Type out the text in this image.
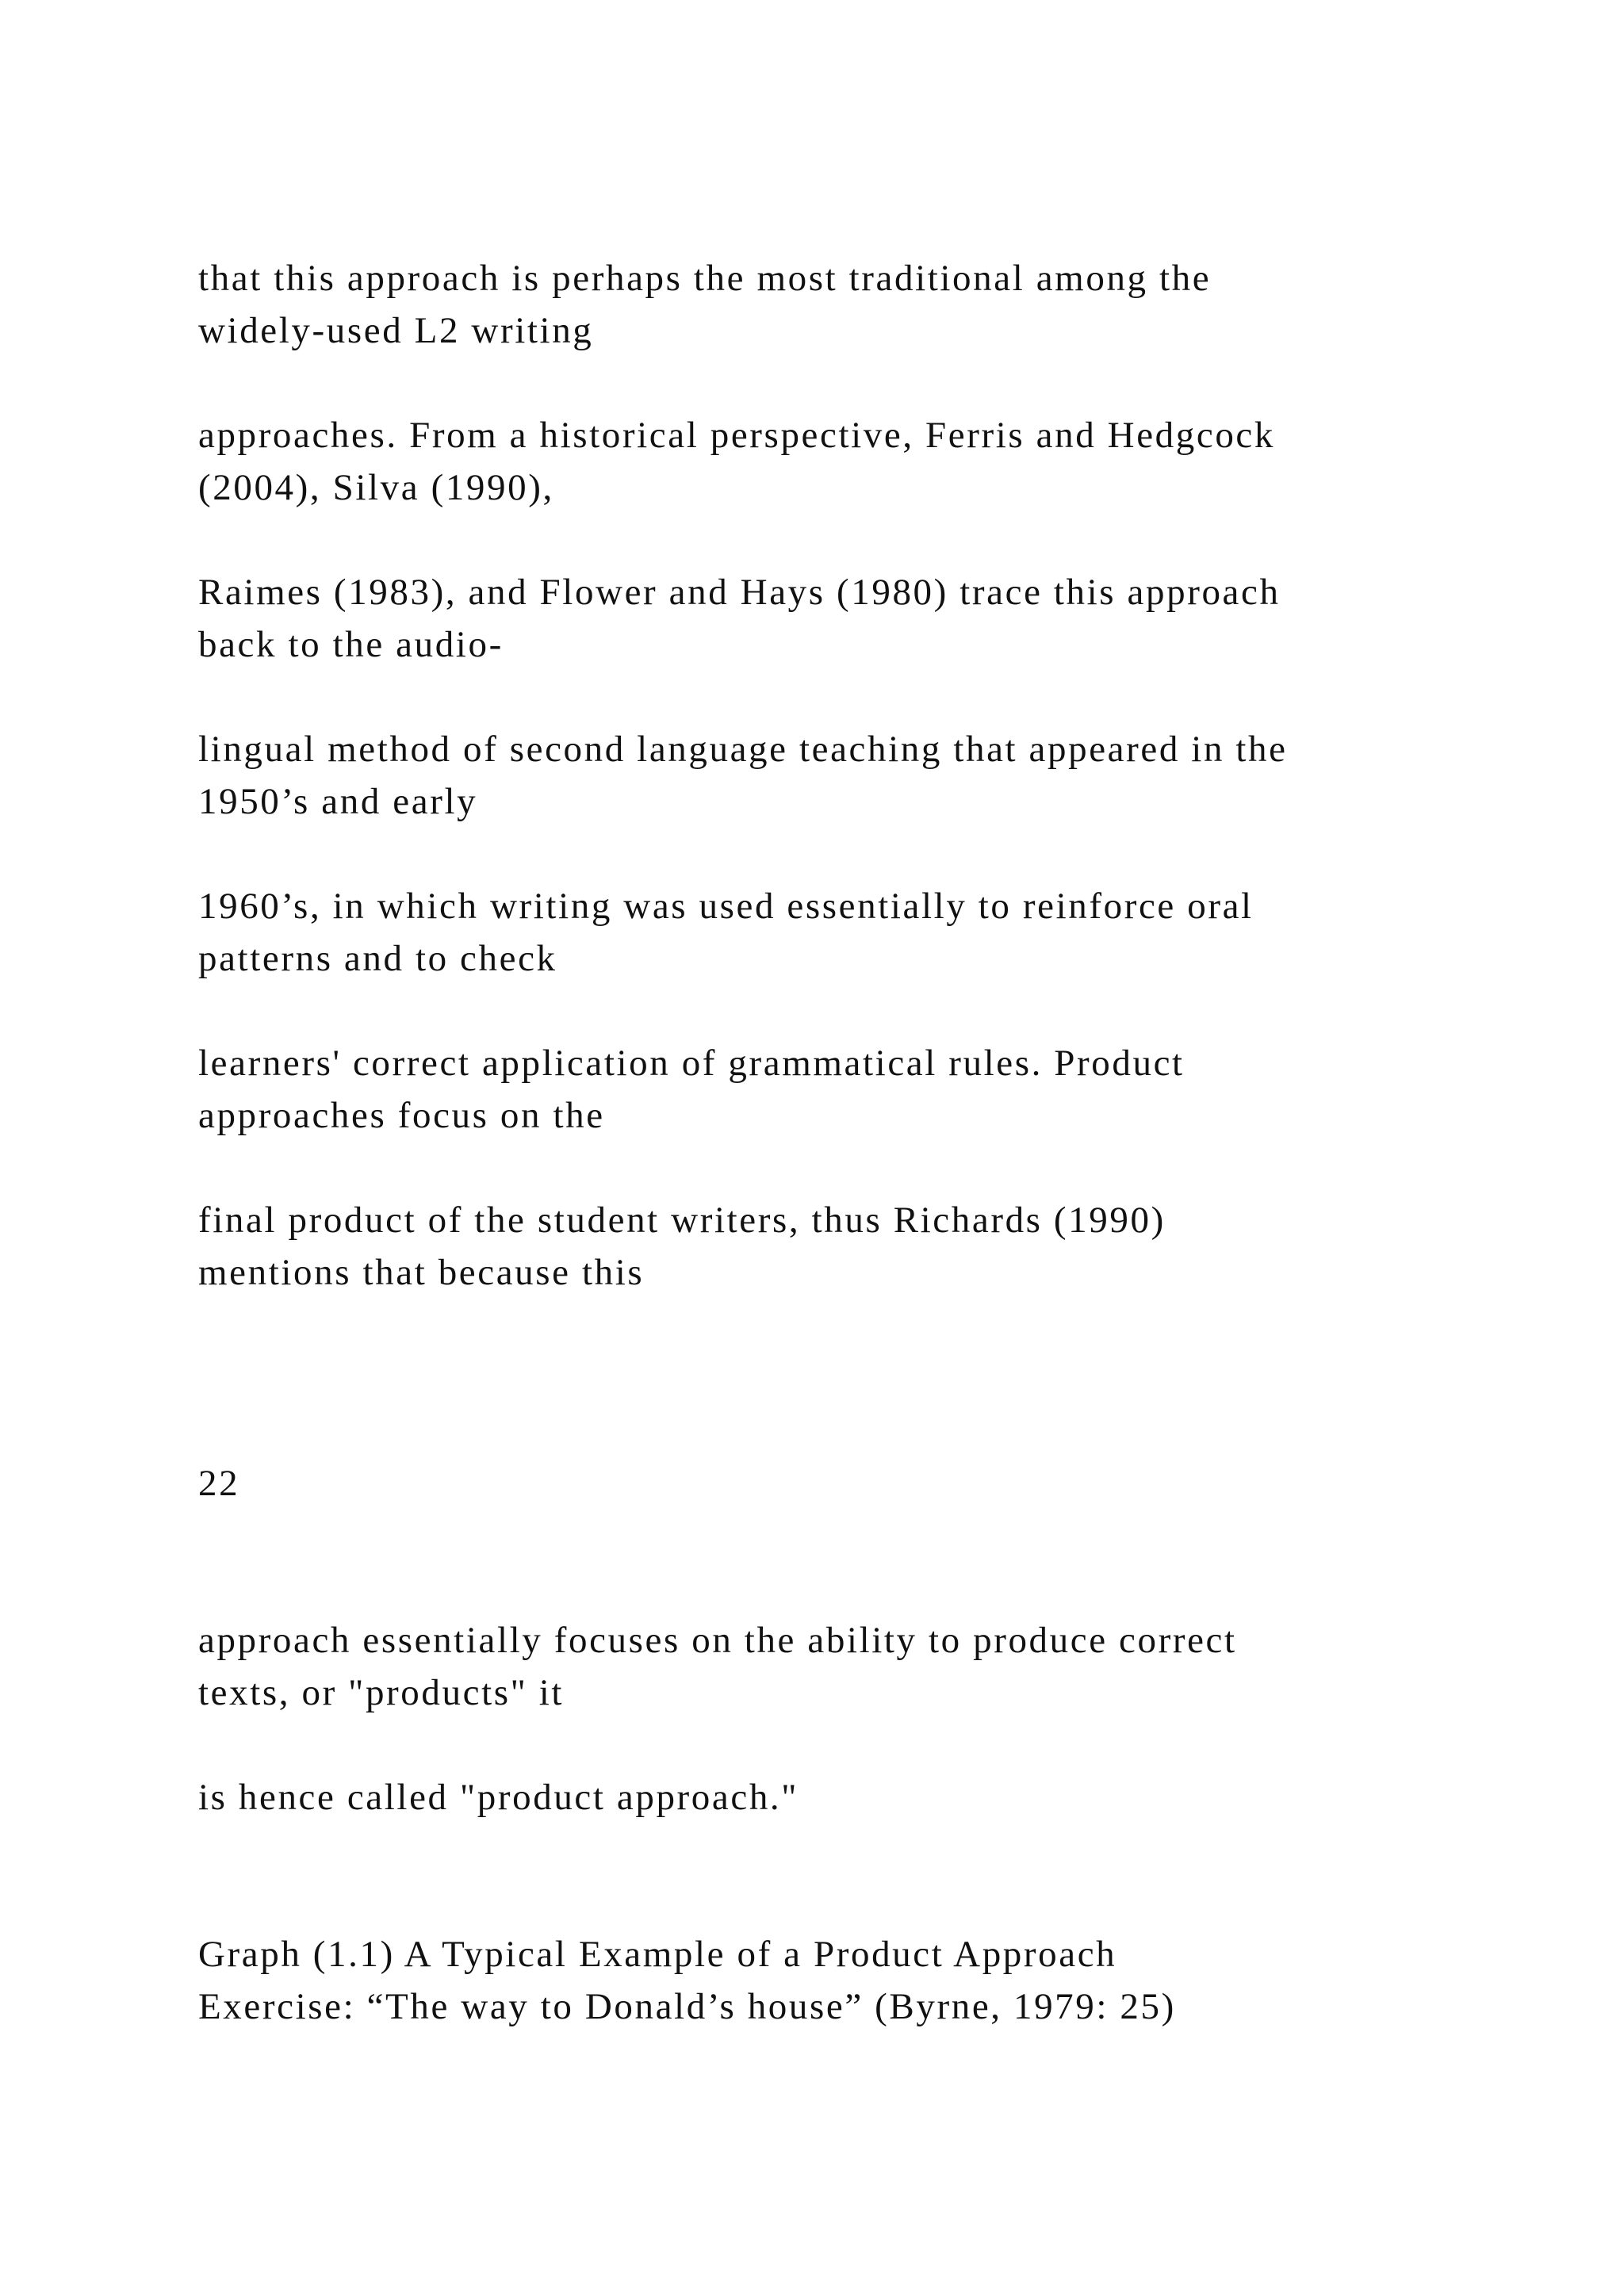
that this approach is perhaps the most traditional among the
widely-used L2 writing

approaches. From a historical perspective, Ferris and Hedgcock
(2004), Silva (1990),

Raimes (1983), and Flower and Hays (1980) trace this approach
back to the audio-

lingual method of second language teaching that appeared in the
1950’s and early

1960’s, in which writing was used essentially to reinforce oral
patterns and to check

learners' correct application of grammatical rules. Product
approaches focus on the

final product of the student writers, thus Richards (1990)
mentions that because this

22

approach essentially focuses on the ability to produce correct
texts, or "products" it

is hence called "product approach."

Graph (1.1) A Typical Example of a Product Approach
Exercise: “The way to Donald’s house” (Byrne, 1979: 25)
